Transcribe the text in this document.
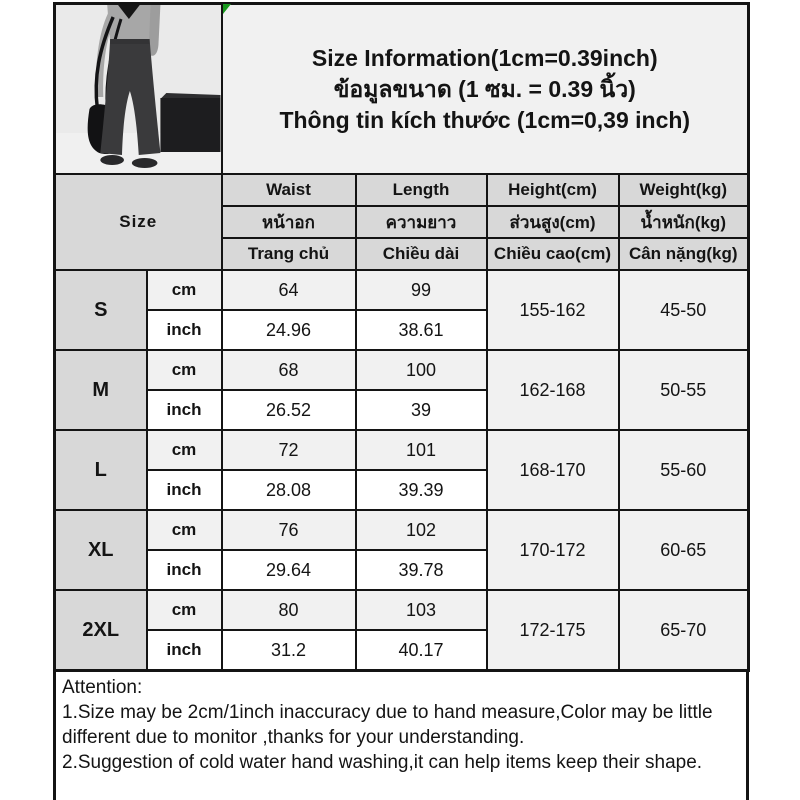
Size Information(1cm=0.39inch)
ข้อมูลขนาด (1 ซม. = 0.39 นิ้ว)
Thông tin kích thước (1cm=0,39 inch)			

Size		Waist	Length	Height(cm)	Weight(kg)
		หน้าอก	ความยาว	ส่วนสูง(cm)	น้ำหนัก(kg)
		Trang chủ	Chiều dài	Chiều cao(cm)	Cân nặng(kg)
S	cm	64	99	155-162	45-50
	inch	24.96	38.61		
M	cm	68	100	162-168	50-55
	inch	26.52	39		
L	cm	72	101	168-170	55-60
	inch	28.08	39.39		
XL	cm	76	102	170-172	60-65
	inch	29.64	39.78		
2XL	cm	80	103	172-175	65-70
	inch	31.2	40.17		
Attention:
1.Size may be 2cm/1inch inaccuracy due to hand measure,Color may be little different due to monitor ,thanks for your understanding.
2.Suggestion of cold water hand washing,it can help items keep their shape.
